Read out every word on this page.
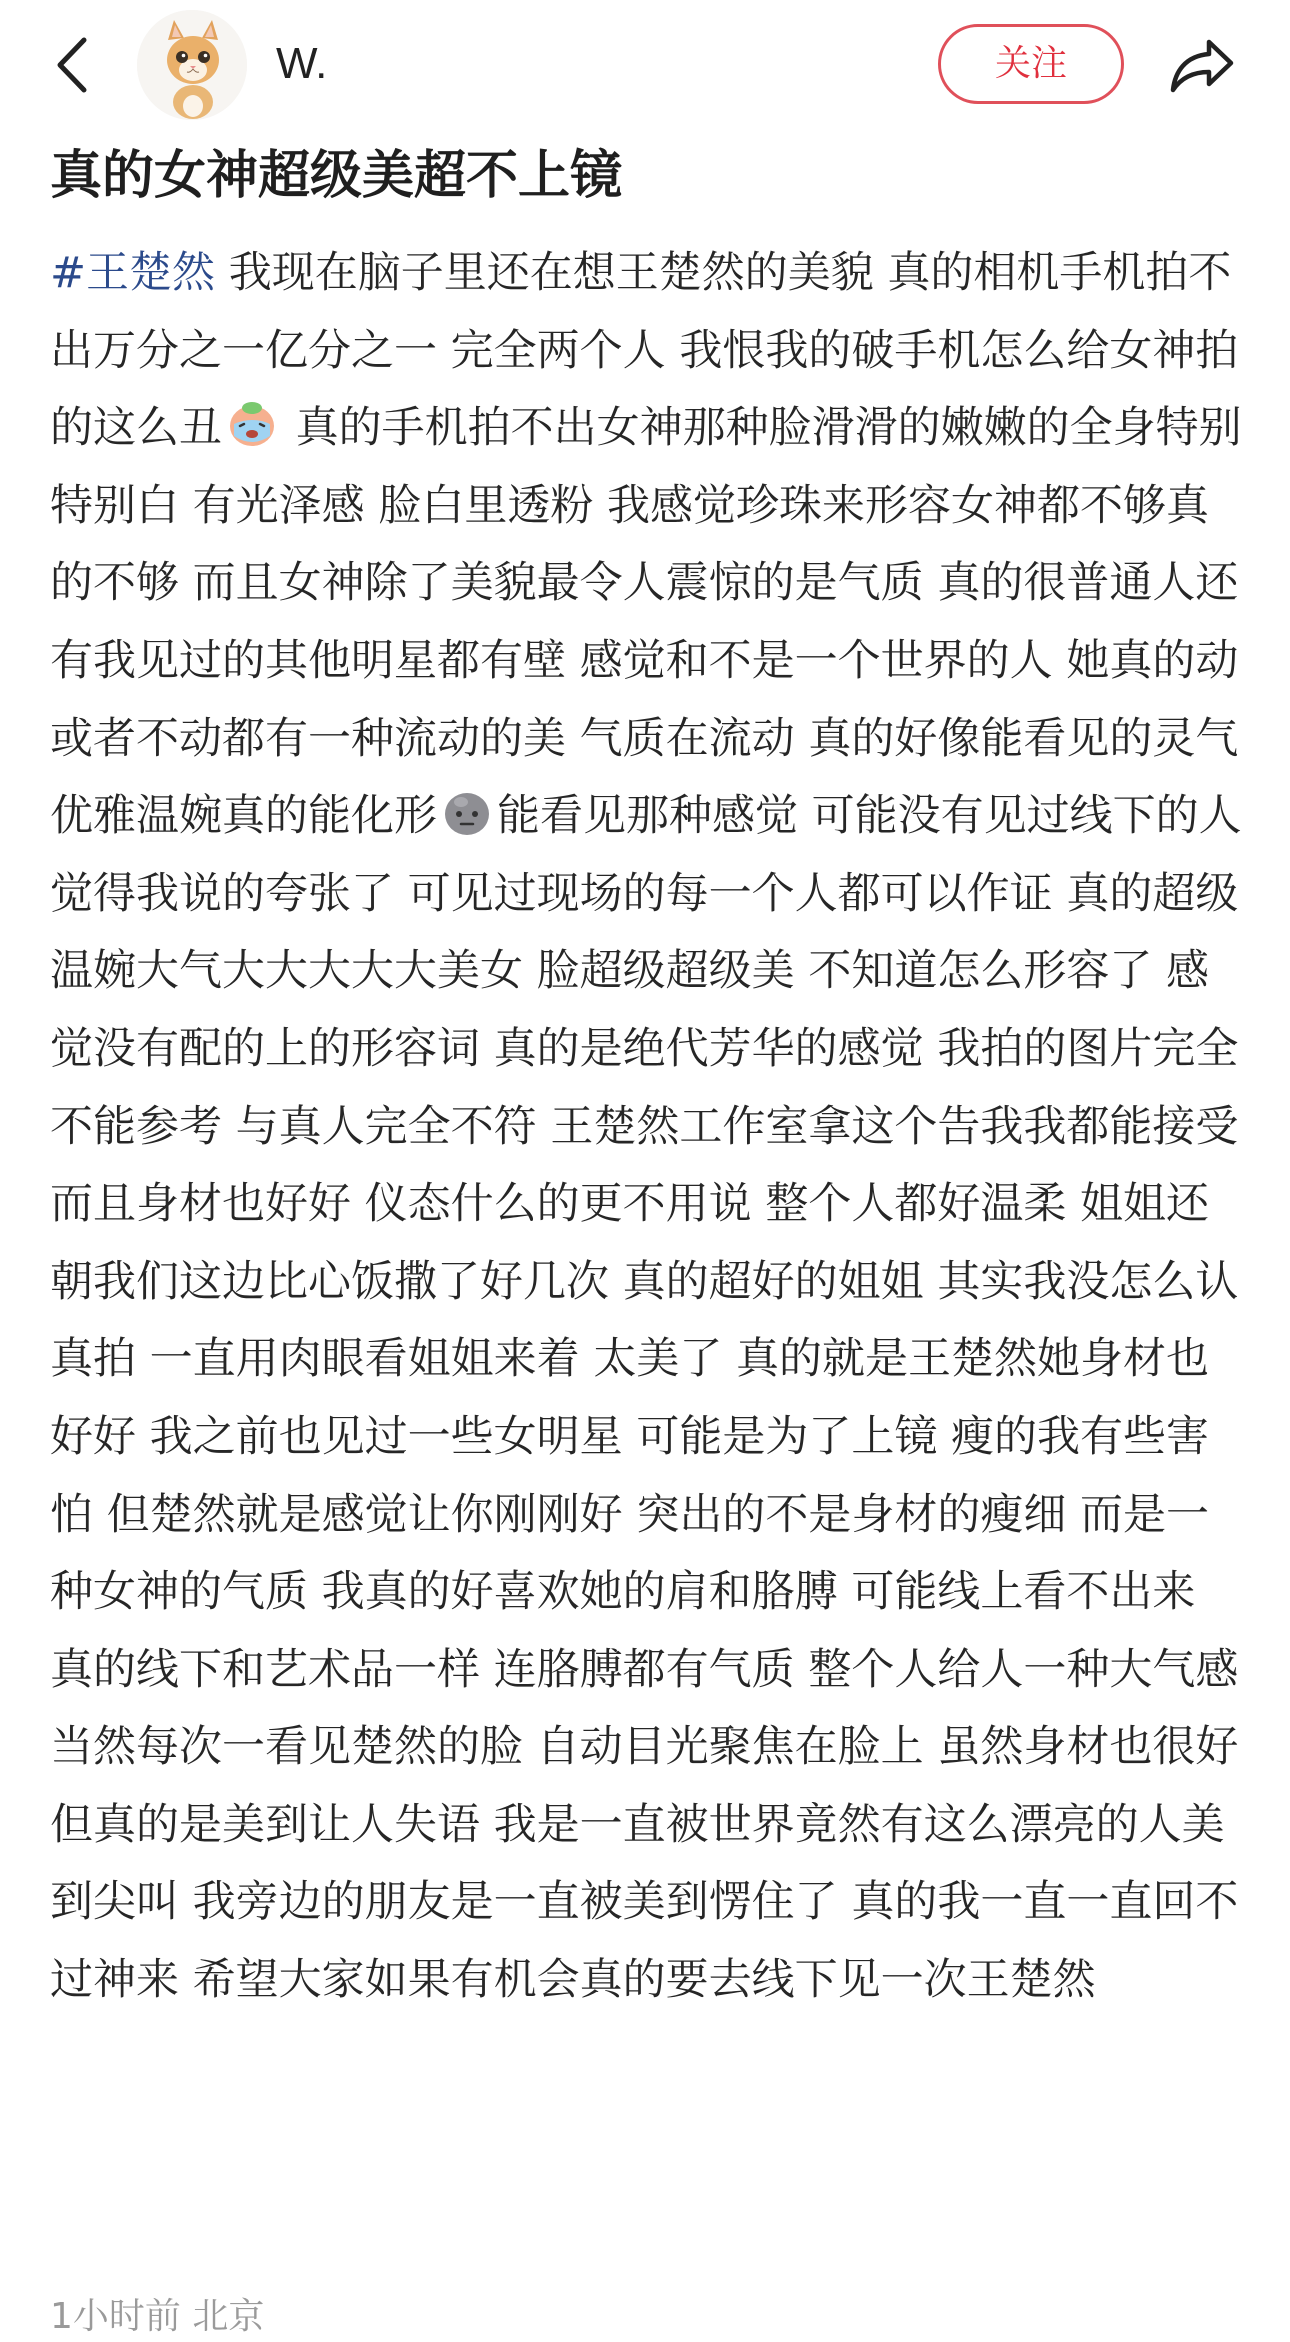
W.	关注
真的女神超级美超不上镜

#王楚然 我现在脑子里还在想王楚然的美貌 真的相机手机拍不出万分之一亿分之一 完全两个人 我恨我的破手机怎么给女神拍的这么丑 真的手机拍不出女神那种脸滑滑的嫩嫩的全身特别特别白 有光泽感 脸白里透粉 我感觉珍珠来形容女神都不够真的不够 而且女神除了美貌最令人震惊的是气质 真的很普通人还有我见过的其他明星都有壁 感觉和不是一个世界的人 她真的动或者不动都有一种流动的美 气质在流动 真的好像能看见的灵气 优雅温婉真的能化形 能看见那种感觉 可能没有见过线下的人觉得我说的夸张了 可见过现场的每一个人都可以作证 真的超级温婉大气大大大大大美女 脸超级超级美 不知道怎么形容了 感觉没有配的上的形容词 真的是绝代芳华的感觉 我拍的图片完全不能参考 与真人完全不符 王楚然工作室拿这个告我我都能接受 而且身材也好好 仪态什么的更不用说 整个人都好温柔 姐姐还朝我们这边比心饭撒了好几次 真的超好的姐姐 其实我没怎么认真拍 一直用肉眼看姐姐来着 太美了 真的就是王楚然她身材也好好 我之前也见过一些女明星 可能是为了上镜 瘦的我有些害怕 但楚然就是感觉让你刚刚好 突出的不是身材的瘦细 而是一种女神的气质 我真的好喜欢她的肩和胳膊 可能线上看不出来 真的线下和艺术品一样 连胳膊都有气质 整个人给人一种大气感 当然每次一看见楚然的脸 自动目光聚焦在脸上 虽然身材也很好 但真的是美到让人失语 我是一直被世界竟然有这么漂亮的人美到尖叫 我旁边的朋友是一直被美到愣住了 真的我一直一直回不过神来 希望大家如果有机会真的要去线下见一次王楚然

1小时前 北京
